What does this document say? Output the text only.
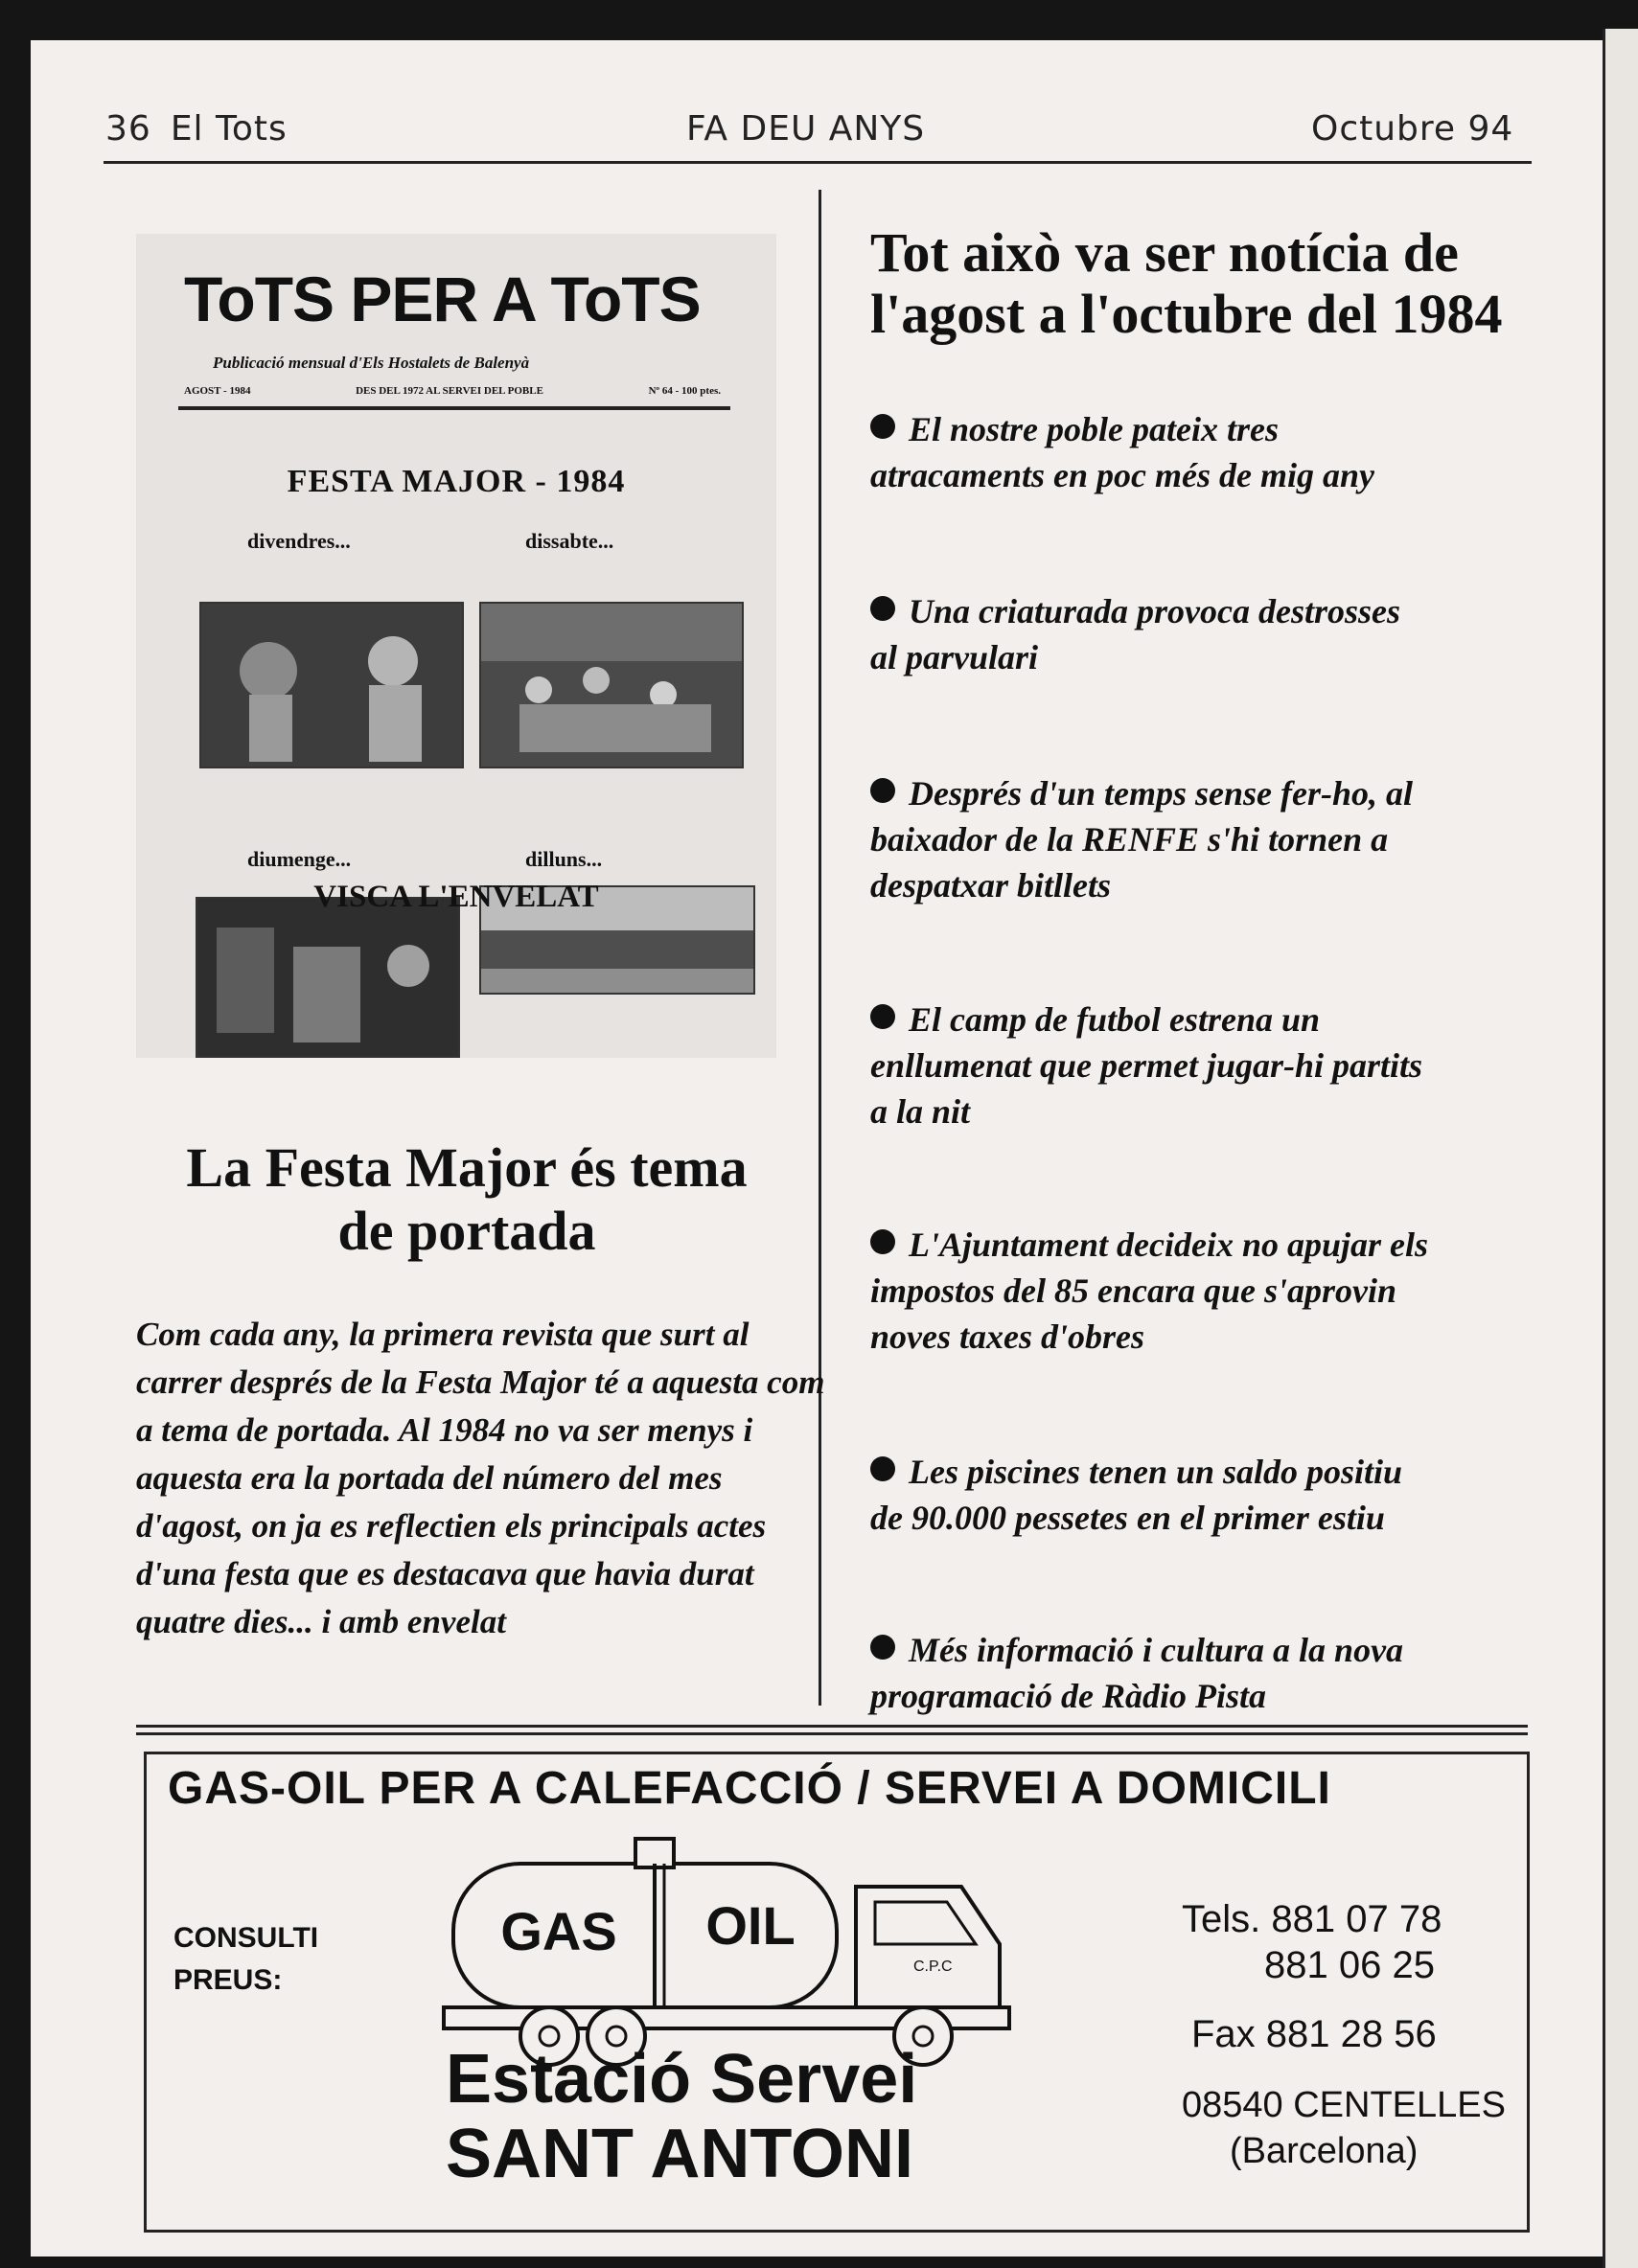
36 El Tots	FA DEU ANYS	Octubre 94
ToTS PER A ToTS
Publicació mensual d'Els Hostalets de Balenyà
AGOST - 1984	DES DEL 1972 AL SERVEI DEL POBLE	Nº 64 - 100 ptes.
FESTA MAJOR - 1984
divendres...	dissabte...
diumenge...	dilluns...
VISCA L'ENVELAT
La Festa Major és tema
de portada
Com cada any, la primera revista que surt al carrer després de la Festa Major té a aquesta com a tema de portada. Al 1984 no va ser menys i aquesta era la portada del número del mes d'agost, on ja es reflectien els principals actes d'una festa que es destacava que havia durat quatre dies... i amb envelat
Tot això va ser notícia de
l'agost a l'octubre del 1984
El nostre poble pateix tres
atracaments en poc més de mig any
Una criaturada provoca destrosses
al parvulari
Després d'un temps sense fer-ho, al
baixador de la RENFE s'hi tornen a
despatxar bitllets
El camp de futbol estrena un
enllumenat que permet jugar-hi partits
a la nit
L'Ajuntament decideix no apujar els
impostos del 85 encara que s'aprovin
noves taxes d'obres
Les piscines tenen un saldo positiu
de 90.000 pessetes en el primer estiu
Més informació i cultura a la nova
programació de Ràdio Pista
GAS-OIL PER A CALEFACCIÓ / SERVEI A DOMICILI
CONSULTI
PREUS:
GAS OIL
C.P.C
Estació Servei
SANT ANTONI
Tels. 881 07 78
881 06 25
Fax 881 28 56
08540 CENTELLES
(Barcelona)
